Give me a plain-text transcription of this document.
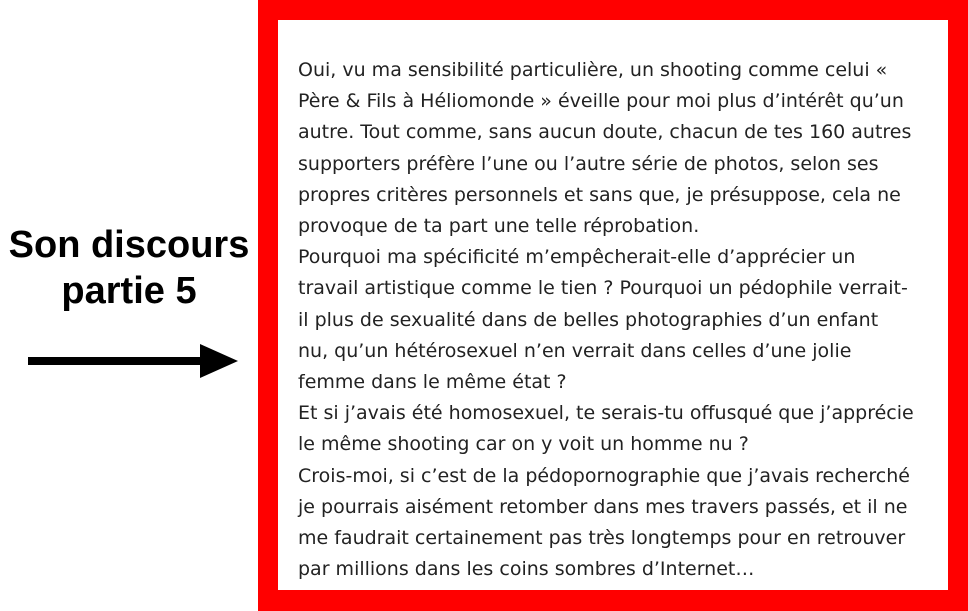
Son discours
partie 5
Oui, vu ma sensibilité particulière, un shooting comme celui «
Père & Fils à Héliomonde » éveille pour moi plus d’intérêt qu’un
autre. Tout comme, sans aucun doute, chacun de tes 160 autres
supporters préfère l’une ou l’autre série de photos, selon ses
propres critères personnels et sans que, je présuppose, cela ne
provoque de ta part une telle réprobation.
Pourquoi ma spécificité m’empêcherait-elle d’apprécier un
travail artistique comme le tien ? Pourquoi un pédophile verrait-
il plus de sexualité dans de belles photographies d’un enfant
nu, qu’un hétérosexuel n’en verrait dans celles d’une jolie
femme dans le même état ?
Et si j’avais été homosexuel, te serais-tu offusqué que j’apprécie
le même shooting car on y voit un homme nu ?
Crois-moi, si c’est de la pédopornographie que j’avais recherché
je pourrais aisément retomber dans mes travers passés, et il ne
me faudrait certainement pas très longtemps pour en retrouver
par millions dans les coins sombres d’Internet…
